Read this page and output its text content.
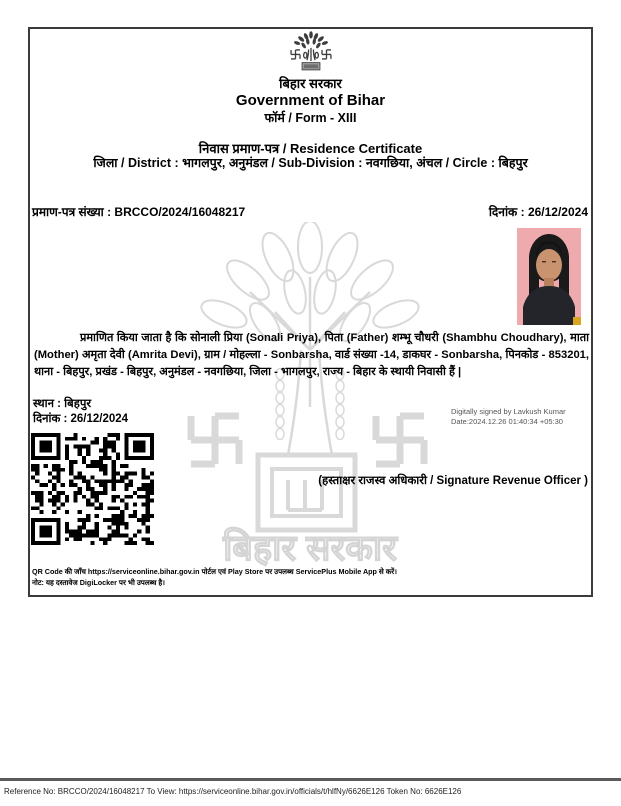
बिहार सरकार
बिहार सरकार
Government of Bihar
फॉर्म / Form - XIII
निवास प्रमाण-पत्र / Residence Certificate
जिला / District : भागलपुर, अनुमंडल / Sub-Division : नवगछिया, अंचल / Circle : बिहपुर
प्रमाण-पत्र संख्या : BRCCO/2024/16048217	दिनांक : 26/12/2024

प्रमाणित किया जाता है कि सोनाली प्रिया (Sonali Priya), पिता (Father) शम्भू चौधरी (Shambhu Choudhary), माता (Mother) अमृता देवी (Amrita Devi), ग्राम / मोहल्ला - Sonbarsha, वार्ड संख्या -14, डाकघर - Sonbarsha, पिनकोड - 853201, थाना - बिहपुर, प्रखंड - बिहपुर, अनुमंडल - नवगछिया, जिला - भागलपुर, राज्य - बिहार के स्थायी निवासी हैं |

स्थान : बिहपुर
दिनांक : 26/12/2024
Digitally signed by Lavkush Kumar
Date:2024.12.26 01:40:34 +05:30
(हस्ताक्षर राजस्व अधिकारी / Signature Revenue Officer )
QR Code की जाँच https://serviceonline.bihar.gov.in पोर्टल एवं Play Store पर उपलब्ध ServicePlus Mobile App से करें।
नोट: यह दस्तावेज DigiLocker पर भी उपलब्ध है।
Reference No: BRCCO/2024/16048217 To View: https://serviceonline.bihar.gov.in/officials/t/hlfNy/6626E126 Token No: 6626E126
